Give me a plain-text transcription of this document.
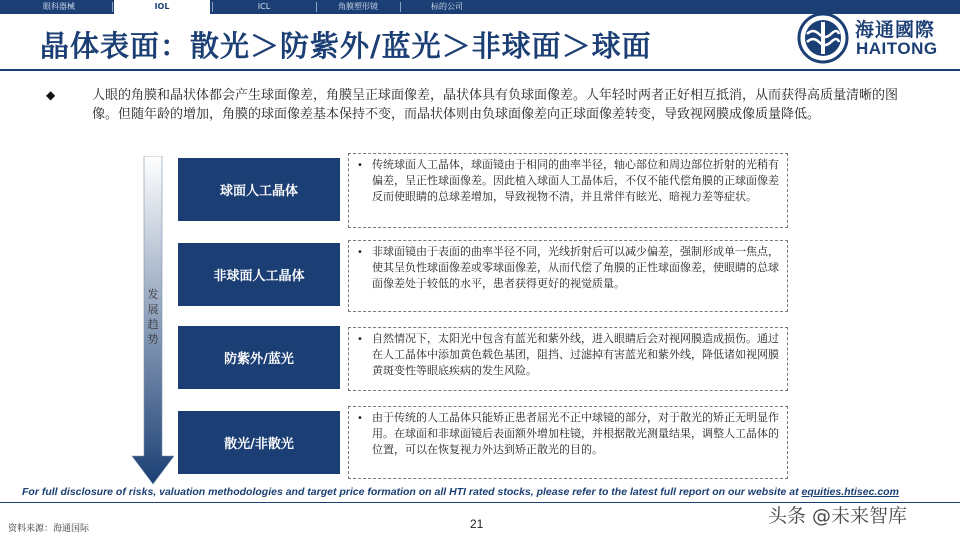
眼科器械	IOL	ICL	角膜塑形镜	标的公司
晶体表面：散光＞防紫外/蓝光＞非球面＞球面	海通國際
HAITONG
◆	人眼的角膜和晶状体都会产生球面像差，角膜呈正球面像差，晶状体具有负球面像差。人年轻时两者正好相互抵消，从而获得高质量清晰的图像。但随年龄的增加，角膜的球面像差基本保持不变，而晶状体则由负球面像差向正球面像差转变，导致视网膜成像质量降低。
发展趋势
球面人工晶体
• 传统球面人工晶体，球面镜由于相同的曲率半径，轴心部位和周边部位折射的光稍有偏差，呈正性球面像差。因此植入球面人工晶体后，不仅不能代偿角膜的正球面像差反而使眼睛的总球差增加，导致视物不清，并且常伴有眩光、暗视力差等症状。
非球面人工晶体
• 非球面镜由于表面的曲率半径不同，光线折射后可以减少偏差，强制形成单一焦点，使其呈负性球面像差或零球面像差，从而代偿了角膜的正性球面像差，使眼睛的总球面像差处于较低的水平，患者获得更好的视觉质量。
防紫外/蓝光
• 自然情况下，太阳光中包含有蓝光和紫外线，进入眼睛后会对视网膜造成损伤。通过在人工晶体中添加黄色载色基团，阻挡、过滤掉有害蓝光和紫外线，降低诸如视网膜黄斑变性等眼底疾病的发生风险。
散光/非散光
• 由于传统的人工晶体只能矫正患者屈光不正中球镜的部分，对于散光的矫正无明显作用。在球面和非球面镜后表面额外增加柱镜，并根据散光测量结果，调整人工晶体的位置，可以在恢复视力外达到矫正散光的目的。
For full disclosure of risks, valuation methodologies and target price formation on all HTI rated stocks, please refer to the latest full report on our website at equities.htisec.com
资料来源：海通国际	21	头条 @未来智库
